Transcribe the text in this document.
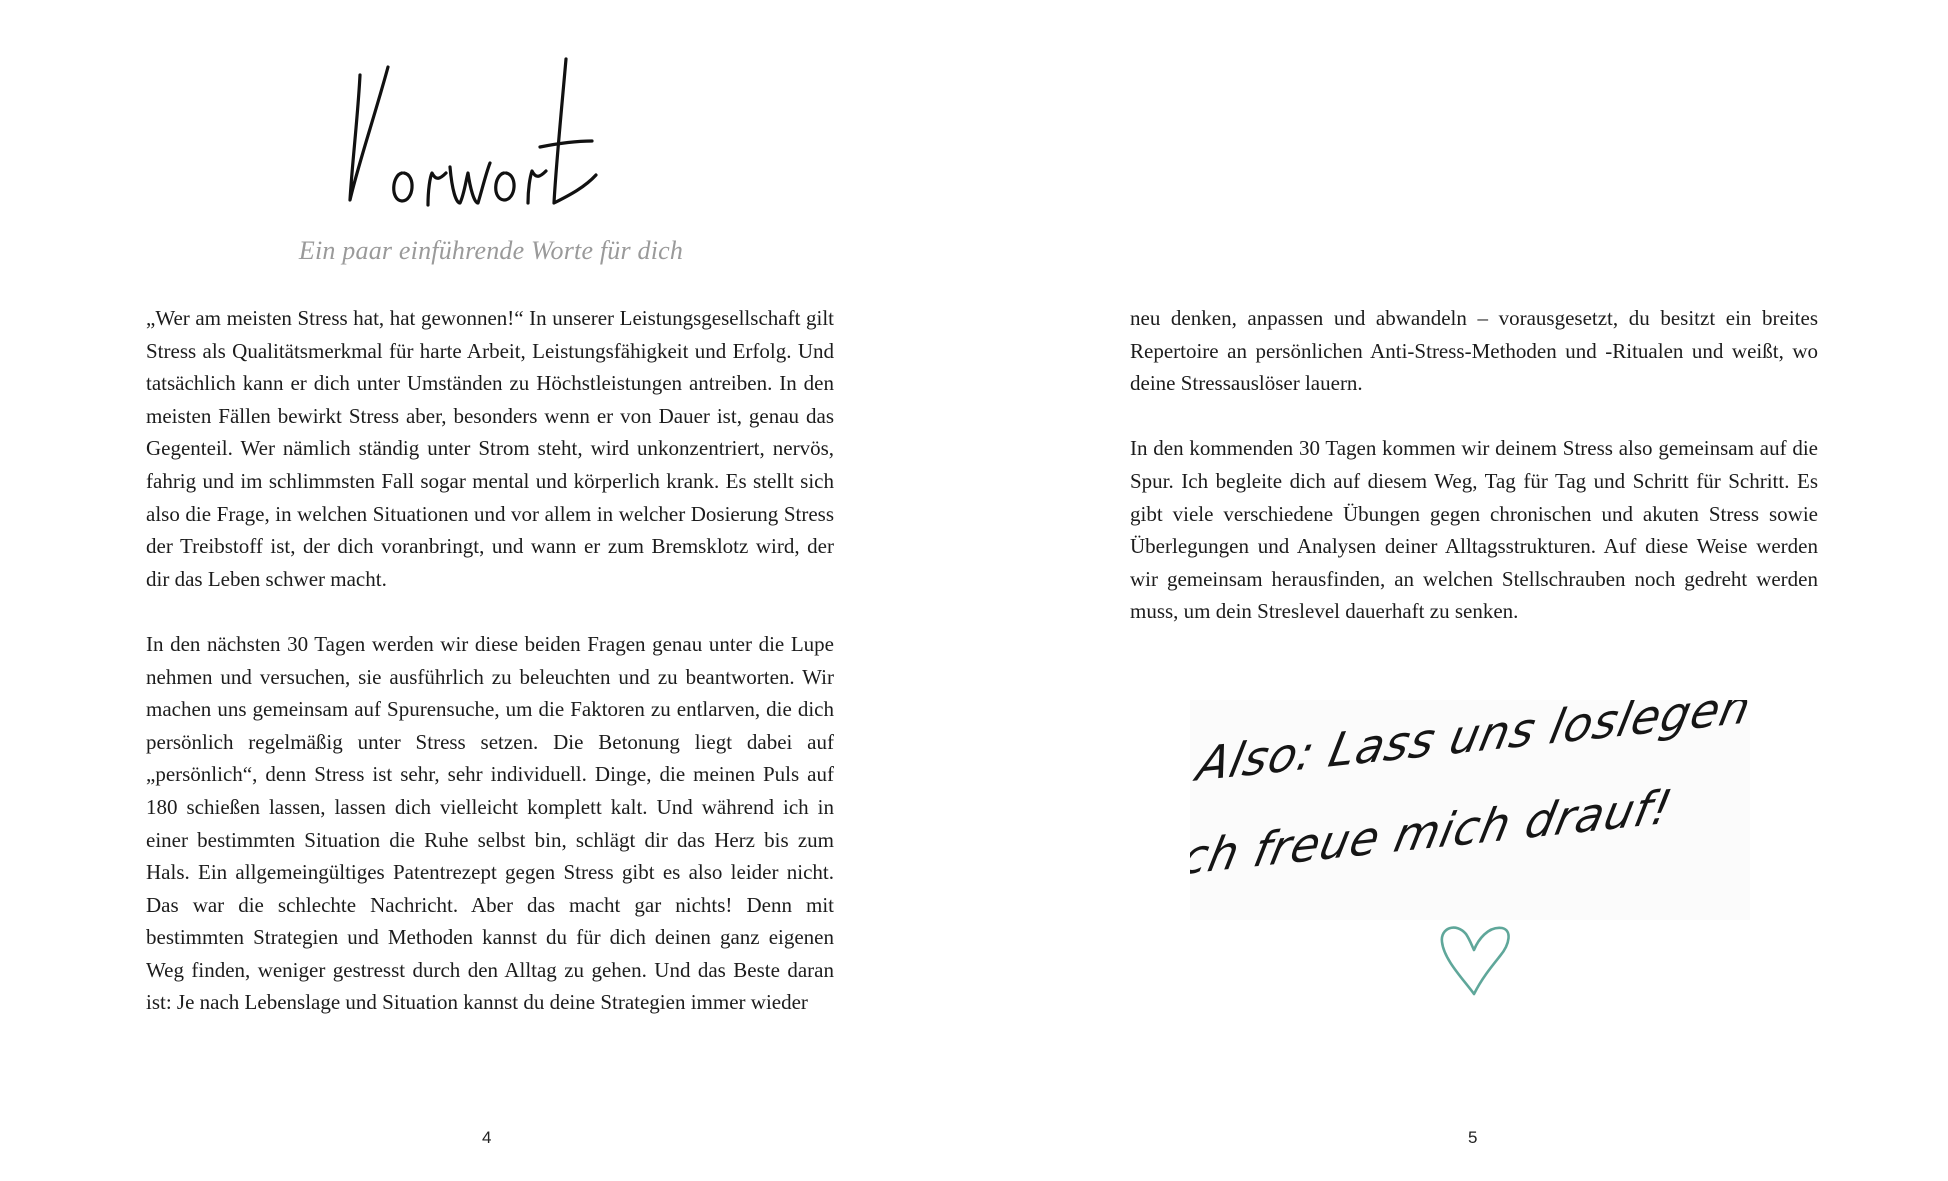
Ein paar einführende Worte für dich

„Wer am meisten Stress hat, hat gewonnen!“ In unserer Leistungsgesellschaft gilt Stress als Qualitätsmerkmal für harte Arbeit, Leistungsfähigkeit und Erfolg. Und tatsächlich kann er dich unter Umständen zu Höchstleistungen antreiben. In den meisten Fällen bewirkt Stress aber, besonders wenn er von Dauer ist, genau das Gegenteil. Wer nämlich ständig unter Strom steht, wird unkonzentriert, nervös, fahrig und im schlimmsten Fall sogar mental und körperlich krank. Es stellt sich also die Frage, in welchen Situationen und vor allem in welcher Dosierung Stress der Treibstoff ist, der dich voranbringt, und wann er zum Bremsklotz wird, der dir das Leben schwer macht.

In den nächsten 30 Tagen werden wir diese beiden Fragen genau unter die Lupe nehmen und versuchen, sie ausführlich zu beleuchten und zu beantworten. Wir machen uns gemeinsam auf Spurensuche, um die Faktoren zu entlarven, die dich persönlich regelmäßig unter Stress setzen. Die Betonung liegt dabei auf „persönlich“, denn Stress ist sehr, sehr individuell. Dinge, die meinen Puls auf 180 schießen lassen, lassen dich vielleicht komplett kalt. Und während ich in einer bestimmten Situation die Ruhe selbst bin, schlägt dir das Herz bis zum Hals. Ein allgemeingültiges Patentrezept gegen Stress gibt es also leider nicht. Das war die schlechte Nachricht. Aber das macht gar nichts! Denn mit bestimmten Strategien und Methoden kannst du für dich deinen ganz eigenen Weg finden, weniger gestresst durch den Alltag zu gehen. Und das Beste daran ist: Je nach Lebenslage und Situation kannst du deine Strategien immer wieder

4

neu denken, anpassen und abwandeln – vorausgesetzt, du besitzt ein breites Repertoire an persönlichen Anti-Stress-Methoden und -Ritualen und weißt, wo deine Stressauslöser lauern.

In den kommenden 30 Tagen kommen wir deinem Stress also gemeinsam auf die Spur. Ich begleite dich auf diesem Weg, Tag für Tag und Schritt für Schritt. Es gibt viele verschiedene Übungen gegen chronischen und akuten Stress sowie Überlegungen und Analysen deiner Alltagsstrukturen. Auf diese Weise werden wir gemeinsam herausfinden, an welchen Stellschrauben noch gedreht werden muss, um dein Streslevel dauerhaft zu senken.

Also: Lass uns loslegen!
Ich freue mich drauf!
5
